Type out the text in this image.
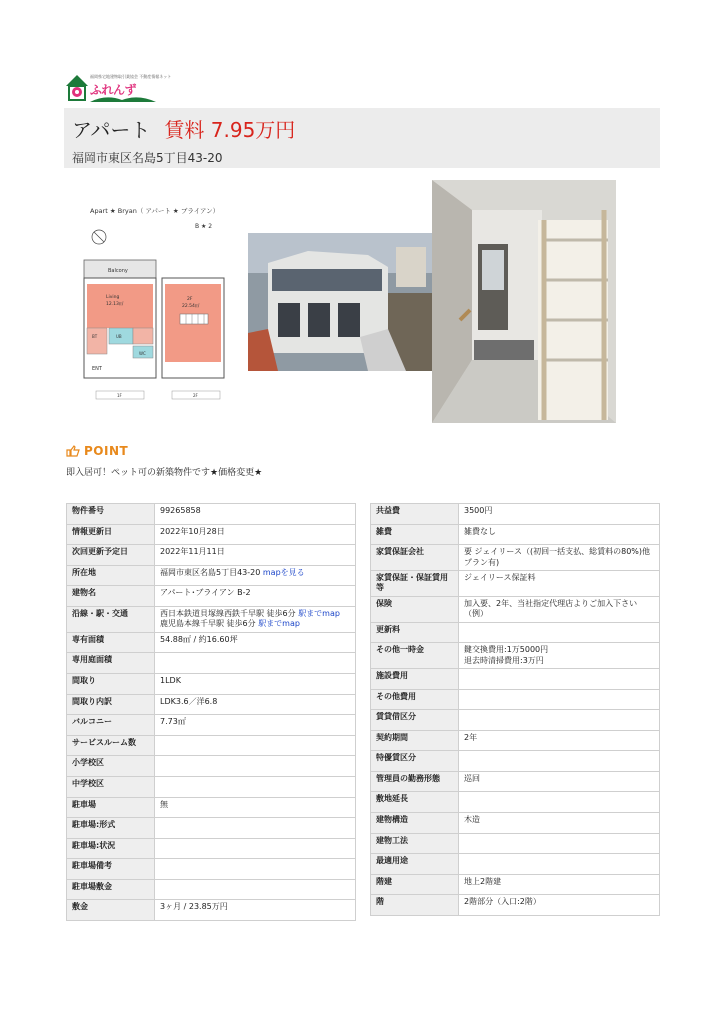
福岡県宅地建物取引業協会 不動産情報ネット
ふれんず
アパート 賃料 7.95万円
福岡市東区名島5丁目43-20
Apart ★ Bryan（ アパート ★ ブライアン）
B ★ 2
Balcony
Living
12.13㎡
BT	UB
WC
ENT
2F
22.54㎡
1F	2F
POINT
即入居可！ペット可の新築物件です★価格変更★
物件番号	99265858
情報更新日	2022年10月28日
次回更新予定日	2022年11月11日
所在地	福岡市東区名島5丁目43-20 mapを見る
建物名	アパート･ブライアン B-2
沿線・駅・交通	西日本鉄道貝塚線西鉄千早駅 徒歩6分 駅までmap
鹿児島本線千早駅 徒歩6分 駅までmap
専有面積	54.88㎡ / 約16.60坪
専用庭面積	
間取り	1LDK
間取り内訳	LDK3.6／洋6.8
バルコニー	7.73㎡
サービスルーム数	
小学校区	
中学校区	
駐車場	無
駐車場:形式	
駐車場:状況	
駐車場備考	
駐車場敷金	
敷金	3ヶ月 / 23.85万円
共益費	3500円
雑費	雑費なし
家賃保証会社	要 ジェイリース（(初回一括支払、総賃料の80%)他プラン有)
家賃保証・保証賃用等	ジェイリース保証料
保険	加入要、2年、当社指定代理店よりご加入下さい（例）
更新料	
その他一時金	鍵交換費用:1万5000円
退去時清掃費用:3万円
施設費用	
その他費用	
賃貸借区分	
契約期間	2年
特優賃区分	
管理員の勤務形態	巡回
敷地延長	
建物構造	木造
建物工法	
最適用途	
階建	地上2階建
階	2階部分（入口:2階）
